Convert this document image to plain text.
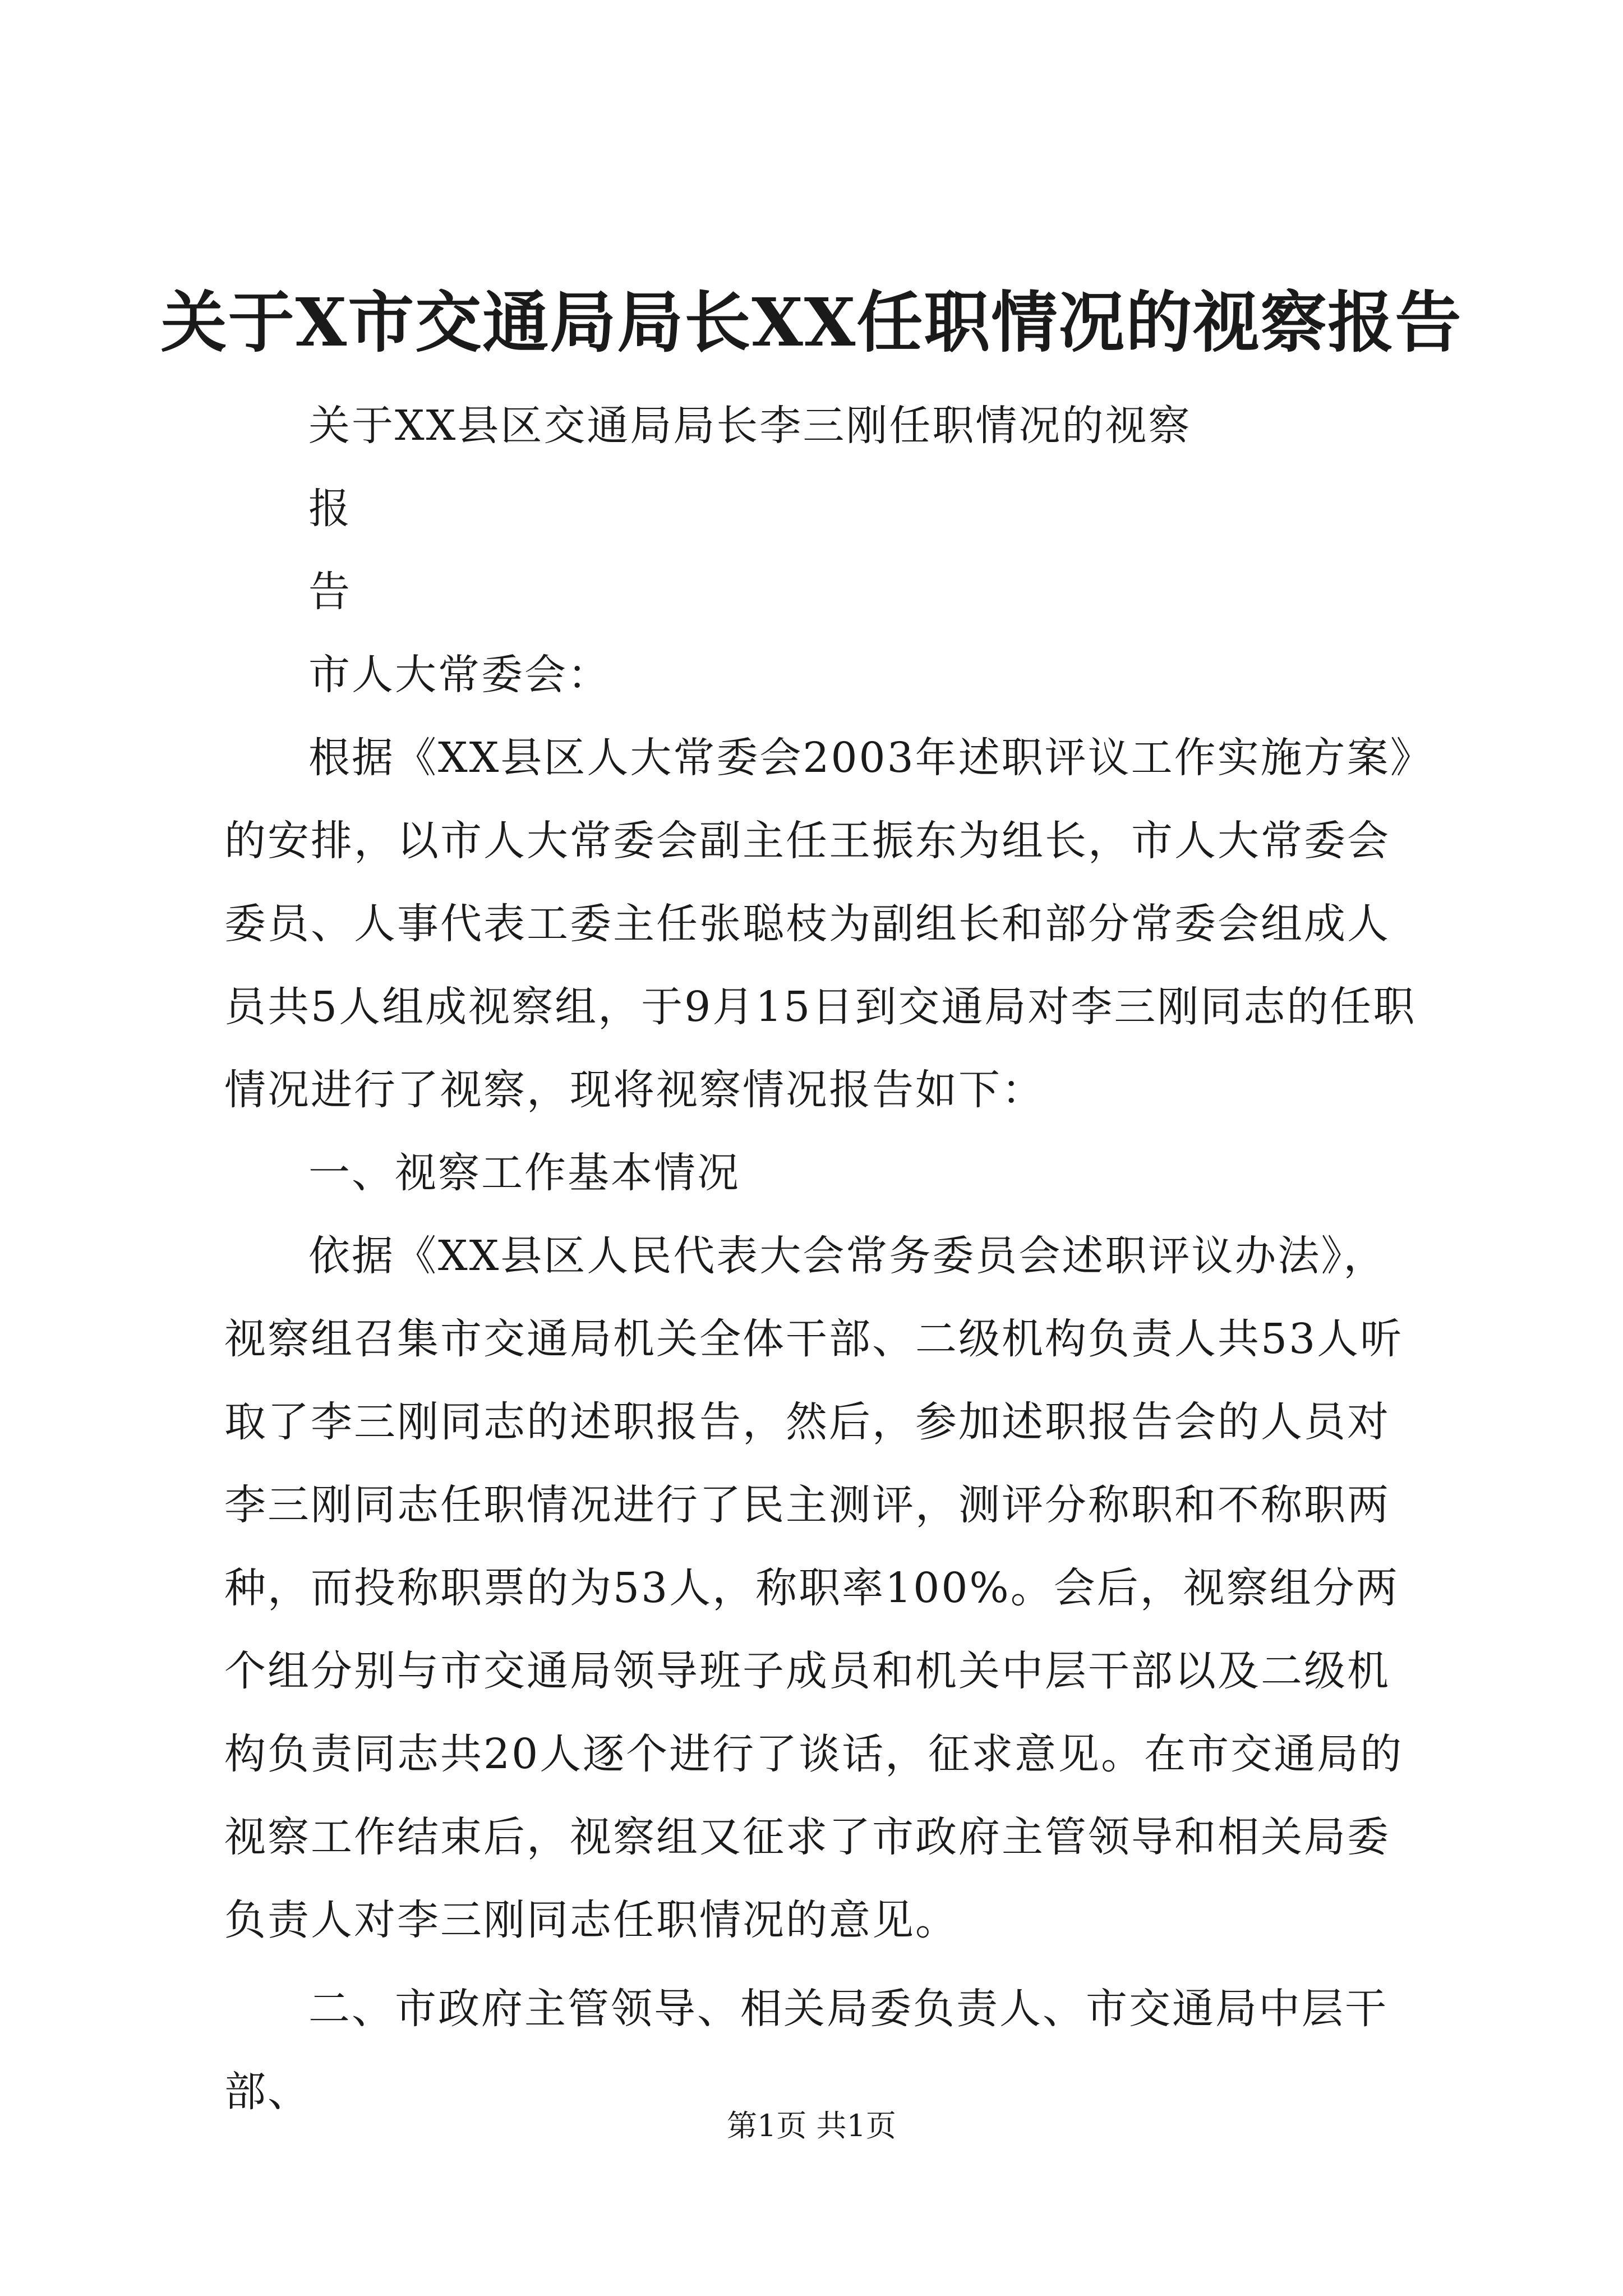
关于X市交通局局长XX任职情况的视察报告

关于XX县区交通局局长李三刚任职情况的视察

报

告

市人大常委会：

根据《XX县区人大常委会2003年述职评议工作实施方案》的安排，以市人大常委会副主任王振东为组长，市人大常委会委员、人事代表工委主任张聪枝为副组长和部分常委会组成人员共5人组成视察组，于9月15日到交通局对李三刚同志的任职情况进行了视察，现将视察情况报告如下：

一、视察工作基本情况

依据《XX县区人民代表大会常务委员会述职评议办法》，视察组召集市交通局机关全体干部、二级机构负责人共53人听取了李三刚同志的述职报告，然后，参加述职报告会的人员对李三刚同志任职情况进行了民主测评，测评分称职和不称职两种，而投称职票的为53人，称职率100%。会后，视察组分两个组分别与市交通局领导班子成员和机关中层干部以及二级机构负责同志共20人逐个进行了谈话，征求意见。在市交通局的视察工作结束后，视察组又征求了市政府主管领导和相关局委负责人对李三刚同志任职情况的意见。

二、市政府主管领导、相关局委负责人、市交通局中层干部、

第1页 共1页
